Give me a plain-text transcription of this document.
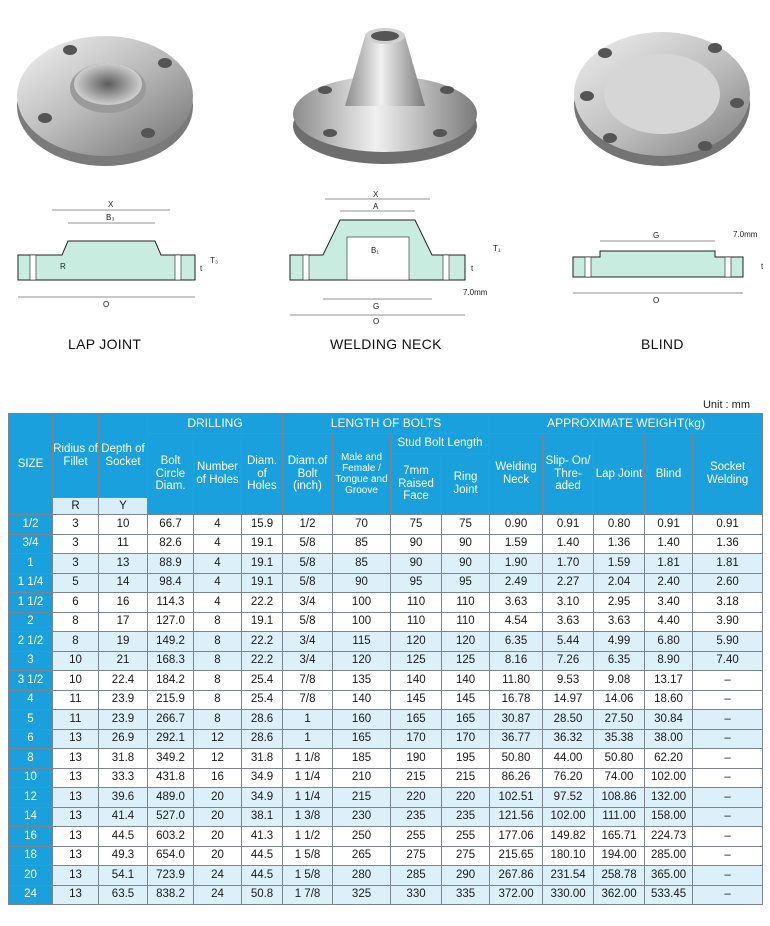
X
B₃
R	t
T₃
O
X
A
B₁	T₁
t
G
O
7.0mm
G	7.0mm
t
O
LAP JOINT	WELDING NECK	BLIND
Unit : mm
SIZE	Ridius of Fillet	Depth of Socket	DRILLING			LENGTH OF BOLTS				APPROXIMATE WEIGHT(kg)				
			Bolt Circle Diam.	Number of Holes	Diam. of Holes	Diam.of Bolt (inch)	Male and Female / Tongue and Groove	Stud Bolt Length		Welding Neck	Slip- On/ Thre- aded	Lap Joint	Blind	Socket Welding
								7mm Raised Face	Ring Joint					
	R	Y												
1/2	3	10	66.7	4	15.9	1/2	70	75	75	0.90	0.91	0.80	0.91	0.91
3/4	3	11	82.6	4	19.1	5/8	85	90	90	1.59	1.40	1.36	1.40	1.36
1	3	13	88.9	4	19.1	5/8	85	90	90	1.90	1.70	1.59	1.81	1.81
1 1/4	5	14	98.4	4	19.1	5/8	90	95	95	2.49	2.27	2.04	2.40	2.60
1 1/2	6	16	114.3	4	22.2	3/4	100	110	110	3.63	3.10	2.95	3.40	3.18
2	8	17	127.0	8	19.1	5/8	100	110	110	4.54	3.63	3.63	4.40	3.90
2 1/2	8	19	149.2	8	22.2	3/4	115	120	120	6.35	5.44	4.99	6.80	5.90
3	10	21	168.3	8	22.2	3/4	120	125	125	8.16	7.26	6.35	8.90	7.40
3 1/2	10	22.4	184.2	8	25.4	7/8	135	140	140	11.80	9.53	9.08	13.17	–
4	11	23.9	215.9	8	25.4	7/8	140	145	145	16.78	14.97	14.06	18.60	–
5	11	23.9	266.7	8	28.6	1	160	165	165	30.87	28.50	27.50	30.84	–
6	13	26.9	292.1	12	28.6	1	165	170	170	36.77	36.32	35.38	38.00	–
8	13	31.8	349.2	12	31.8	1 1/8	185	190	195	50.80	44.00	50.80	62.20	–
10	13	33.3	431.8	16	34.9	1 1/4	210	215	215	86.26	76.20	74.00	102.00	–
12	13	39.6	489.0	20	34.9	1 1/4	215	220	220	102.51	97.52	108.86	132.00	–
14	13	41.4	527.0	20	38.1	1 3/8	230	235	235	121.56	102.00	111.00	158.00	–
16	13	44.5	603.2	20	41.3	1 1/2	250	255	255	177.06	149.82	165.71	224.73	–
18	13	49.3	654.0	20	44.5	1 5/8	265	275	275	215.65	180.10	194.00	285.00	–
20	13	54.1	723.9	24	44.5	1 5/8	280	285	290	267.86	231.54	258.78	365.00	–
24	13	63.5	838.2	24	50.8	1 7/8	325	330	335	372.00	330.00	362.00	533.45	–
